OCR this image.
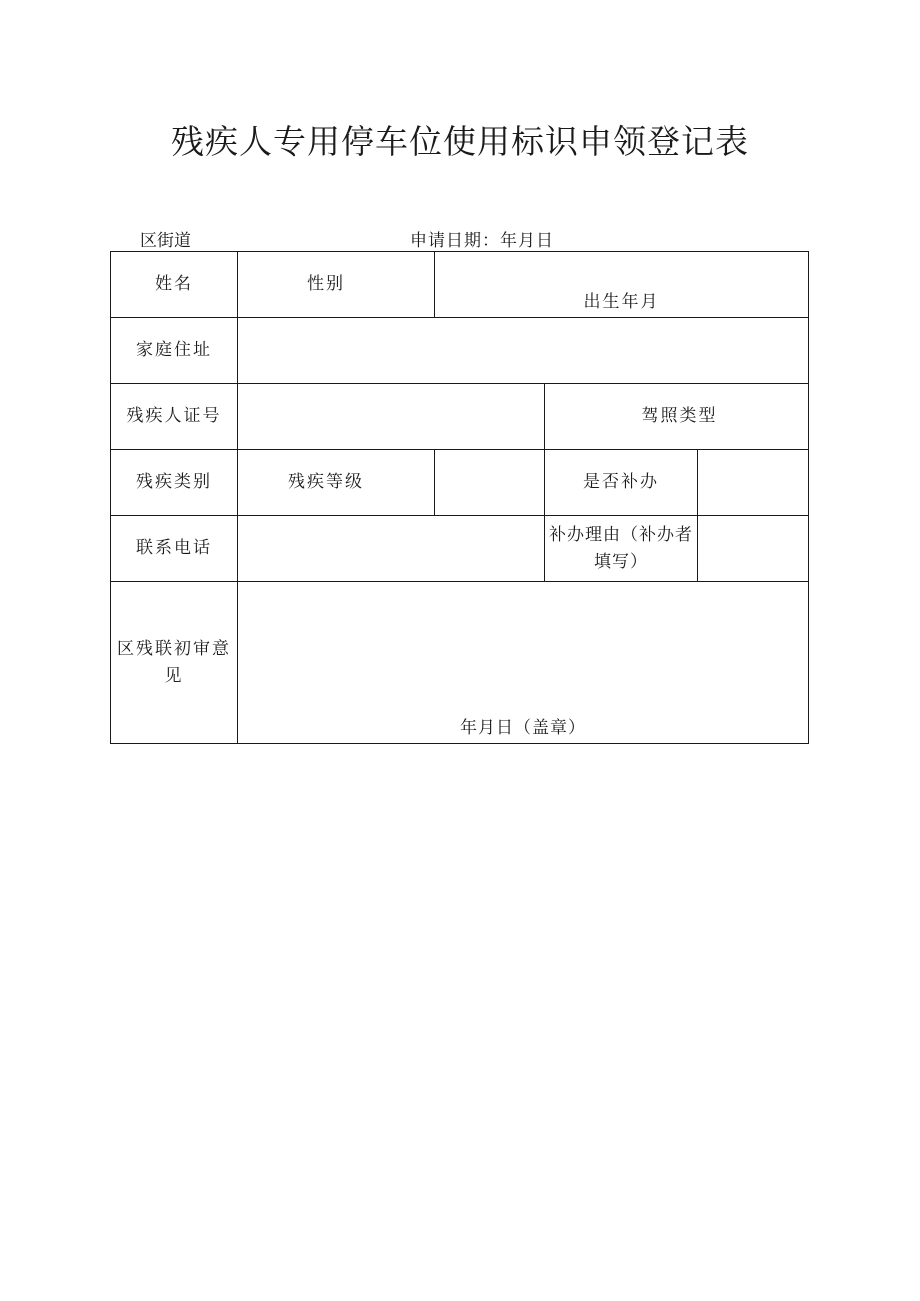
残疾人专用停车位使用标识申领登记表
区街道	申请日期：年月日
姓名	性别	出生年月		

家庭住址				
残疾人证号			驾照类型	
残疾类别	残疾等级		是否补办	
联系电话			补办理由（补办者填写）	
区残联初审意见	年月日（盖章）			
